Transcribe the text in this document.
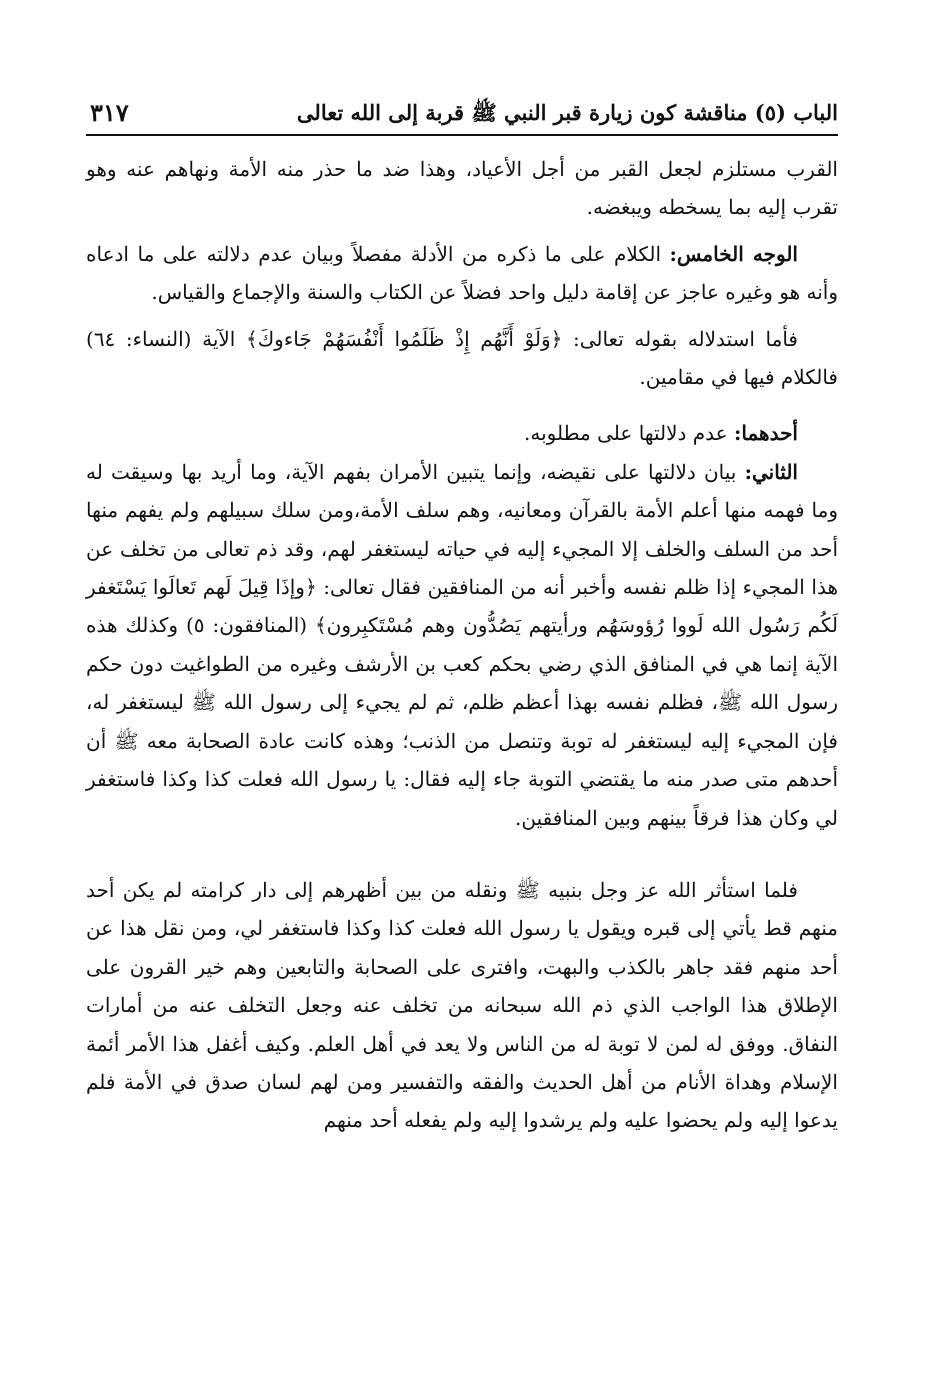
الباب (٥) مناقشة كون زيارة قبر النبي ﷺ قربة إلى الله تعالى
٣١٧

القرب مستلزم لجعل القبر من أجل الأعياد، وهذا ضد ما حذر منه الأمة ونهاهم عنه وهو تقرب إليه بما يسخطه ويبغضه.

الوجه الخامس: الكلام على ما ذكره من الأدلة مفصلاً وبيان عدم دلالته على ما ادعاه وأنه هو وغيره عاجز عن إقامة دليل واحد فضلاً عن الكتاب والسنة والإجماع والقياس.

فأما استدلاله بقوله تعالى: ﴿وَلَوْ أَنَّهُم إِذْ ظَلَمُوا أَنْفُسَهُمْ جَاءوكَ﴾ الآية (النساء: ٦٤) فالكلام فيها في مقامين.

أحدهما: عدم دلالتها على مطلوبه.

الثاني: بيان دلالتها على نقيضه، وإنما يتبين الأمران بفهم الآية، وما أريد بها وسيقت له وما فهمه منها أعلم الأمة بالقرآن ومعانيه، وهم سلف الأمة،ومن سلك سبيلهم ولم يفهم منها أحد من السلف والخلف إلا المجيء إليه في حياته ليستغفر لهم، وقد ذم تعالى من تخلف عن هذا المجيء إذا ظلم نفسه وأخبر أنه من المنافقين فقال تعالى: ﴿وإذَا قِيلَ لَهم تَعالَوا يَسْتَغفر لَكُم رَسُول الله لَووا رُؤوسَهُم ورأيتهم يَصُدُّون وهم مُسْتَكبِرون﴾ (المنافقون: ٥) وكذلك هذه الآية إنما هي في المنافق الذي رضي بحكم كعب بن الأرشف وغيره من الطواغيت دون حكم رسول الله ﷺ، فظلم نفسه بهذا أعظم ظلم، ثم لم يجيء إلى رسول الله ﷺ ليستغفر له، فإن المجيء إليه ليستغفر له توبة وتنصل من الذنب؛ وهذه كانت عادة الصحابة معه ﷺ أن أحدهم متى صدر منه ما يقتضي التوبة جاء إليه فقال: يا رسول الله فعلت كذا وكذا فاستغفر لي وكان هذا فرقاً بينهم وبين المنافقين.

فلما استأثر الله عز وجل بنبيه ﷺ ونقله من بين أظهرهم إلى دار كرامته لم يكن أحد منهم قط يأتي إلى قبره ويقول يا رسول الله فعلت كذا وكذا فاستغفر لي، ومن نقل هذا عن أحد منهم فقد جاهر بالكذب والبهت، وافترى على الصحابة والتابعين وهم خير القرون على الإطلاق هذا الواجب الذي ذم الله سبحانه من تخلف عنه وجعل التخلف عنه من أمارات النفاق. ووفق له لمن لا توبة له من الناس ولا يعد في أهل العلم. وكيف أغفل هذا الأمر أئمة الإسلام وهداة الأنام من أهل الحديث والفقه والتفسير ومن لهم لسان صدق في الأمة فلم يدعوا إليه ولم يحضوا عليه ولم يرشدوا إليه ولم يفعله أحد منهم
